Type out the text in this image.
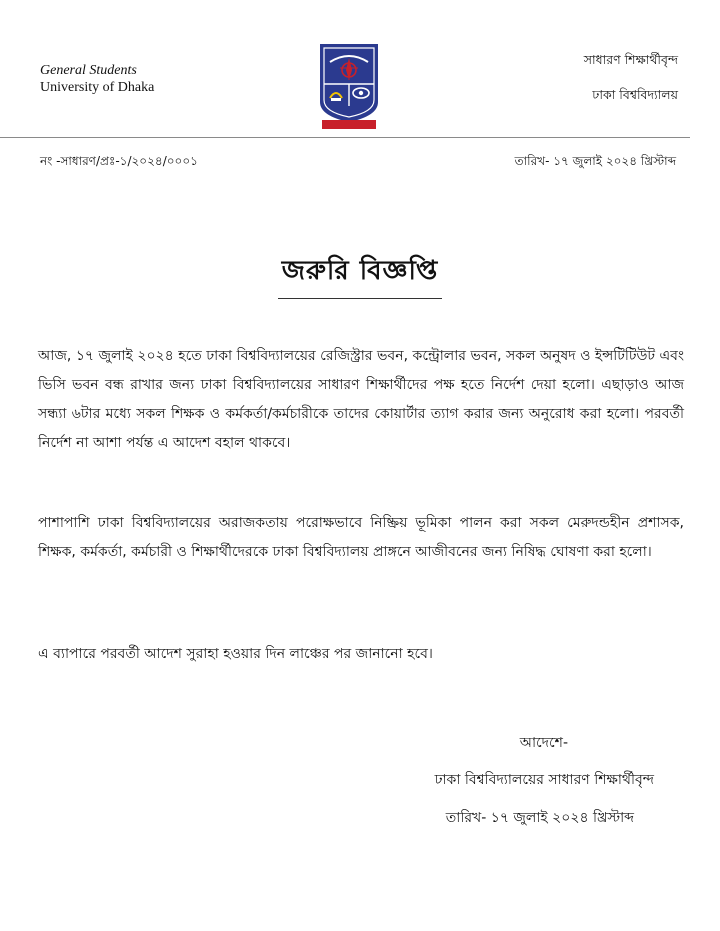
General Students
University of Dhaka
সাধারণ শিক্ষার্থীবৃন্দ
ঢাকা বিশ্ববিদ্যালয়
নং -সাধারণ/প্রঃ-১/২০২৪/০০০১	তারিখ- ১৭ জুলাই ২০২৪ খ্রিস্টাব্দ
জরুরি বিজ্ঞপ্তি
আজ, ১৭ জুলাই ২০২৪ হতে ঢাকা বিশ্ববিদ্যালয়ের রেজিস্ট্রার ভবন, কন্ট্রোলার ভবন, সকল অনুষদ ও ইন্সটিটিউট এবং ভিসি ভবন বন্ধ রাখার জন্য ঢাকা বিশ্ববিদ্যালয়ের সাধারণ শিক্ষার্থীদের পক্ষ হতে নির্দেশ দেয়া হলো। এছাড়াও আজ সন্ধ্যা ৬টার মধ্যে সকল শিক্ষক ও কর্মকর্তা/কর্মচারীকে তাদের কোয়ার্টার ত্যাগ করার জন্য অনুরোধ করা হলো। পরবর্তী নির্দেশ না আশা পর্যন্ত এ আদেশ বহাল থাকবে।
পাশাপাশি ঢাকা বিশ্ববিদ্যালয়ের অরাজকতায় পরোক্ষভাবে নিষ্ক্রিয় ভূমিকা পালন করা সকল মেরুদন্ডহীন প্রশাসক, শিক্ষক, কর্মকর্তা, কর্মচারী ও শিক্ষার্থীদেরকে ঢাকা বিশ্ববিদ্যালয় প্রাঙ্গনে আজীবনের জন্য নিষিদ্ধ ঘোষণা করা হলো।
এ ব্যাপারে পরবর্তী আদেশ সুরাহা হওয়ার দিন লাঞ্চের পর জানানো হবে।
আদেশে-
ঢাকা বিশ্ববিদ্যালয়ের সাধারণ শিক্ষার্থীবৃন্দ
তারিখ- ১৭ জুলাই ২০২৪ খ্রিস্টাব্দ
